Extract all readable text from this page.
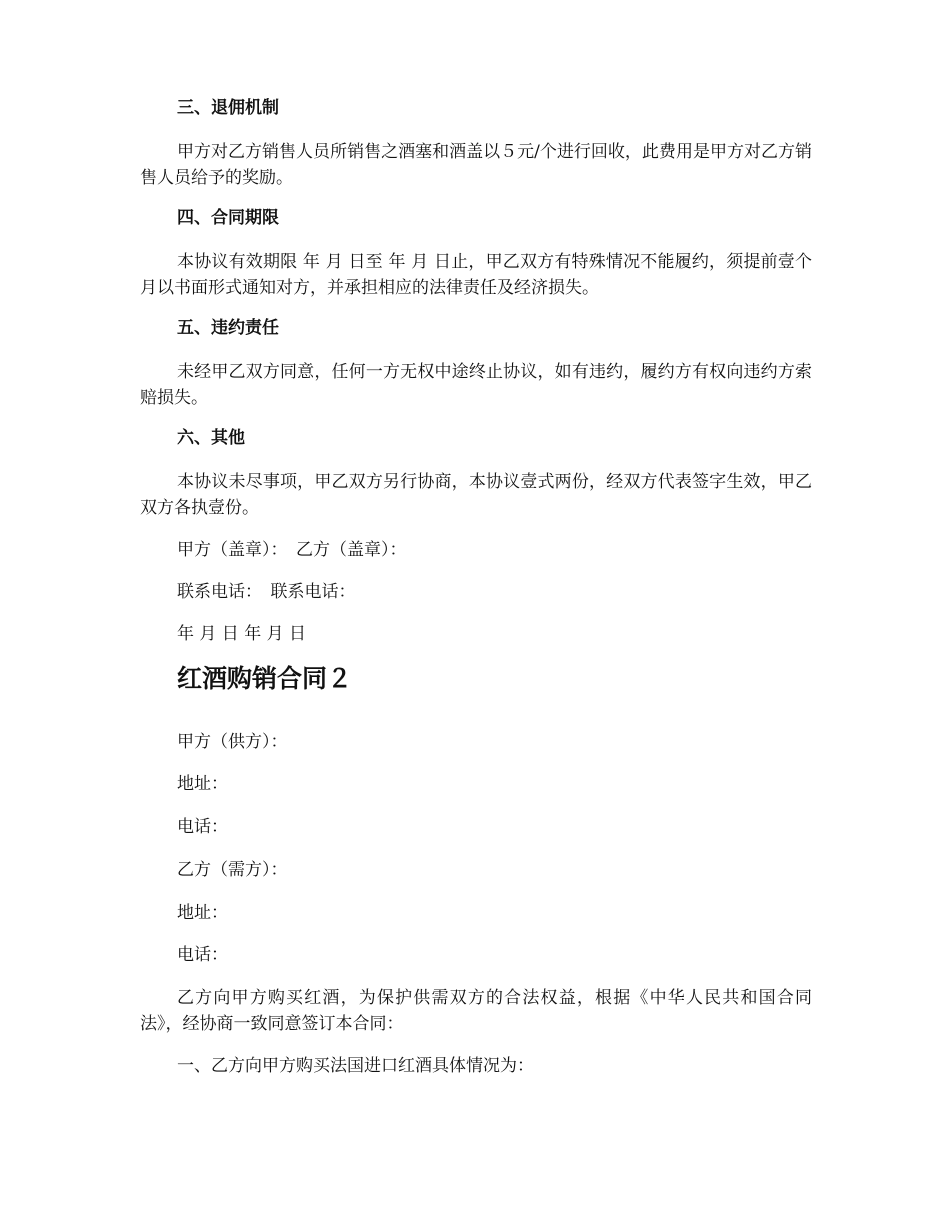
三、退佣机制
甲方对乙方销售人员所销售之酒塞和酒盖以５元/个进行回收，此费用是甲方对乙方销售人员给予的奖励。
四、合同期限
本协议有效期限 年 月 日至 年 月 日止，甲乙双方有特殊情况不能履约，须提前壹个月以书面形式通知对方，并承担相应的法律责任及经济损失。
五、违约责任
未经甲乙双方同意，任何一方无权中途终止协议，如有违约，履约方有权向违约方索赔损失。
六、其他
本协议未尽事项，甲乙双方另行协商，本协议壹式两份，经双方代表签字生效，甲乙双方各执壹份。
甲方（盖章）：　乙方（盖章）：
联系电话：　联系电话：
年 月 日 年 月 日
红酒购销合同２
甲方（供方）：
地址：
电话：
乙方（需方）：
地址：
电话：
乙方向甲方购买红酒，为保护供需双方的合法权益，根据《中华人民共和国合同法》，经协商一致同意签订本合同：
一、乙方向甲方购买法国进口红酒具体情况为：
